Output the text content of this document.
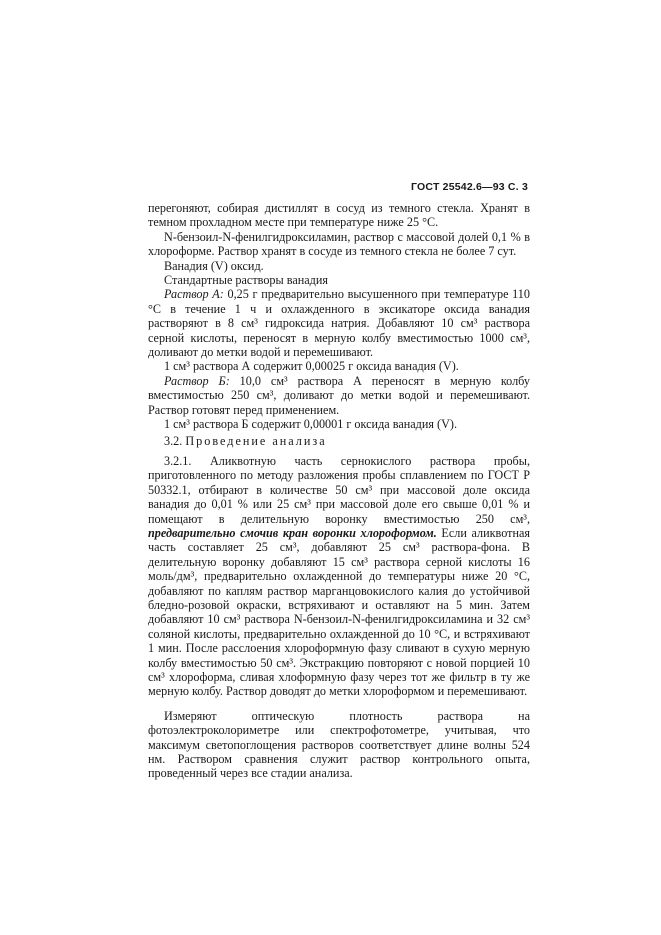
ГОСТ 25542.6—93 С. 3

перегоняют, собирая дистиллят в сосуд из темного стекла. Хранят в темном прохладном месте при температуре ниже 25 °С.

N-бензоил-N-фенилгидроксиламин, раствор с массовой долей 0,1 % в хлороформе. Раствор хранят в сосуде из темного стекла не более 7 сут.

Ванадия (V) оксид.

Стандартные растворы ванадия

Раствор А: 0,25 г предварительно высушенного при температуре 110 °С в течение 1 ч и охлажденного в эксикаторе оксида ванадия растворяют в 8 см³ гидроксида натрия. Добавляют 10 см³ раствора серной кислоты, переносят в мерную колбу вместимостью 1000 см³, доливают до метки водой и перемешивают.

1 см³ раствора А содержит 0,00025 г оксида ванадия (V).

Раствор Б: 10,0 см³ раствора А переносят в мерную колбу вместимостью 250 см³, доливают до метки водой и перемешивают. Раствор готовят перед применением.

1 см³ раствора Б содержит 0,00001 г оксида ванадия (V).

3.2. Проведение анализа

3.2.1. Аликвотную часть сернокислого раствора пробы, приготовленного по методу разложения пробы сплавлением по ГОСТ Р 50332.1, отбирают в количестве 50 см³ при массовой доле оксида ванадия до 0,01 % или 25 см³ при массовой доле его свыше 0,01 % и помещают в делительную воронку вместимостью 250 см³, предварительно смочив кран воронки хлороформом. Если аликвотная часть составляет 25 см³, добавляют 25 см³ раствора-фона. В делительную воронку добавляют 15 см³ раствора серной кислоты 16 моль/дм³, предварительно охлажденной до температуры ниже 20 °С, добавляют по каплям раствор марганцовокислого калия до устойчивой бледно-розовой окраски, встряхивают и оставляют на 5 мин. Затем добавляют 10 см³ раствора N-бензоил-N-фенилгидроксиламина и 32 см³ соляной кислоты, предварительно охлажденной до 10 °С, и встряхивают 1 мин. После расслоения хлороформную фазу сливают в сухую мерную колбу вместимостью 50 см³. Экстракцию повторяют с новой порцией 10 см³ хлороформа, сливая хлоформную фазу через тот же фильтр в ту же мерную колбу. Раствор доводят до метки хлороформом и перемешивают.

Измеряют оптическую плотность раствора на фотоэлектроколориметре или спектрофотометре, учитывая, что максимум светопоглощения растворов соответствует длине волны 524 нм. Раствором сравнения служит раствор контрольного опыта, проведенный через все стадии анализа.
